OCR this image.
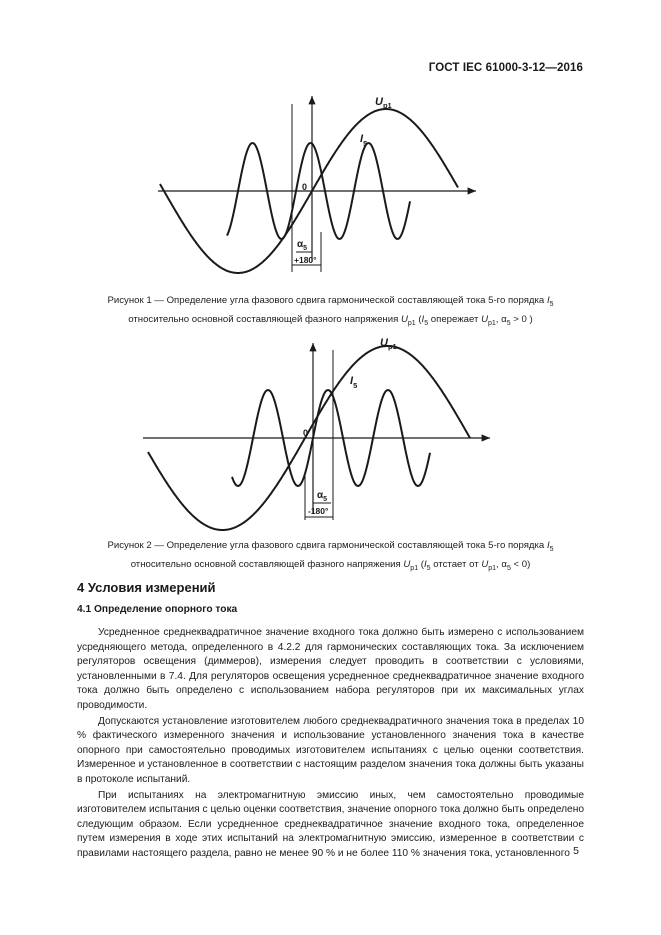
ГОСТ IEC 61000-3-12—2016
$U_{p1}$
$I_5$
0
$\alpha_5$
+180°
Рисунок 1 — Определение угла фазового сдвига гармонической составляющей тока 5-го порядка $I_5$
относительно основной составляющей фазного напряжения $U_{p1}$ ($I_5$ опережает $U_{p1}$, $\alpha_5 > 0$ )
$U_{p1}$
$I_5$
0
$\alpha_5$
-180°
Рисунок 2 — Определение угла фазового сдвига гармонической составляющей тока 5-го порядка $I_5$
относительно основной составляющей фазного напряжения $U_{p1}$ ($I_5$ отстает от $U_{p1}$, $\alpha_5 < 0$)
4 Условия измерений
4.1 Определение опорного тока

Усредненное среднеквадратичное значение входного тока должно быть измерено с использованием усредняющего метода, определенного в 4.2.2 для гармонических составляющих тока. За исключением регуляторов освещения (диммеров), измерения следует проводить в соответствии с условиями, установленными в 7.4. Для регуляторов освещения усредненное среднеквадратичное значение входного тока должно быть определено с использованием набора регуляторов при их максимальных углах проводимости.

Допускаются установление изготовителем любого среднеквадратичного значения тока в пределах 10 % фактического измеренного значения и использование установленного значения тока в качестве опорного при самостоятельно проводимых изготовителем испытаниях с целью оценки соответствия. Измеренное и установленное в соответствии с настоящим разделом значения тока должны быть указаны в протоколе испытаний.

При испытаниях на электромагнитную эмиссию иных, чем самостоятельно проводимые изготовителем испытания с целью оценки соответствия, значение опорного тока должно быть определено следующим образом. Если усредненное среднеквадратичное значение входного тока, определенное путем измерения в ходе этих испытаний на электромагнитную эмиссию, измеренное в соответствии с правилами настоящего раздела, равно не менее 90 % и не более 110 % значения тока, установленного 5
